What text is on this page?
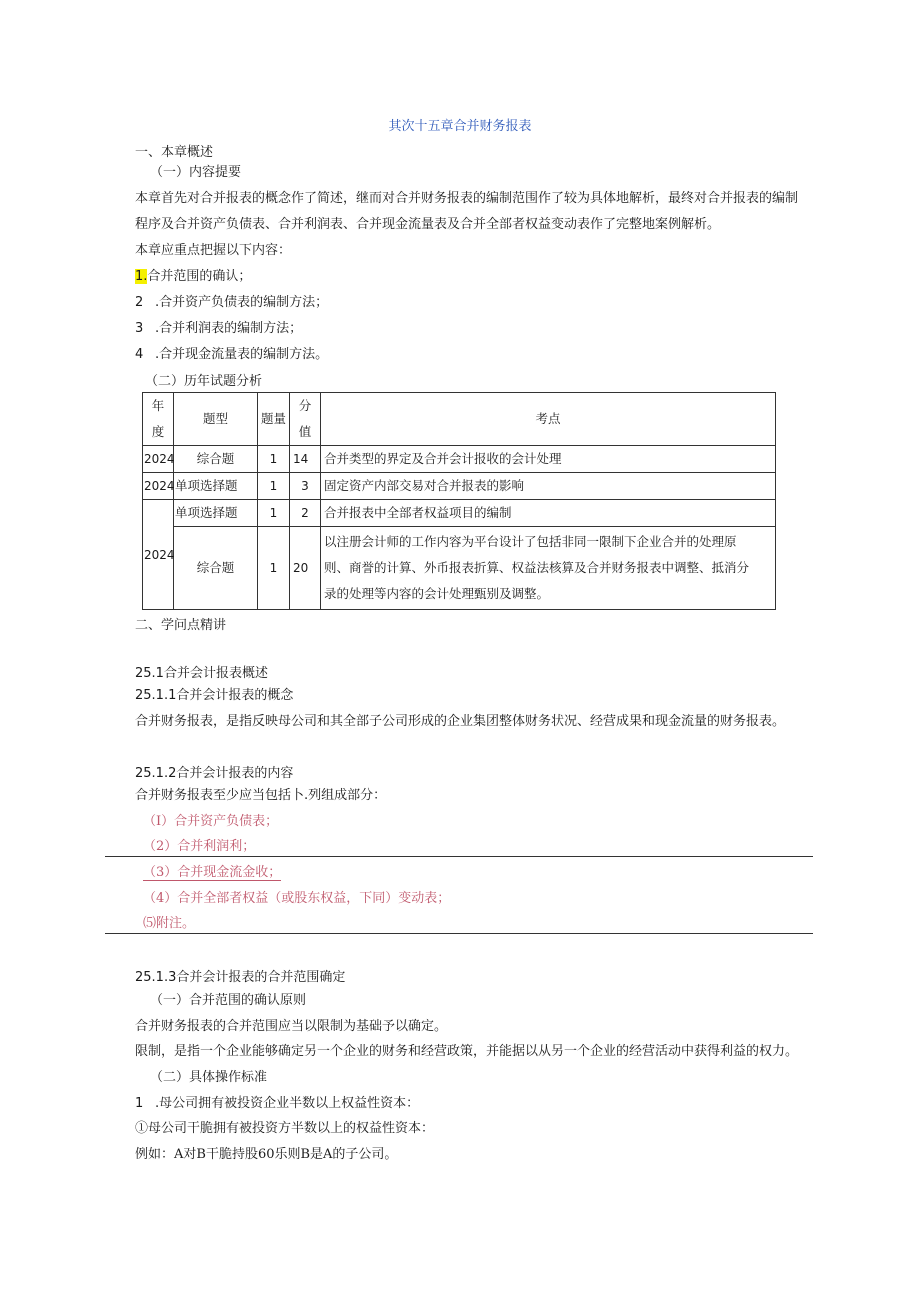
其次十五章合并财务报表
一、本章概述
（一）内容提要
本章首先对合并报表的概念作了简述，继而对合并财务报表的编制范围作了较为具体地解析，最终对合并报表的编制
程序及合并资产负债表、合并利润表、合并现金流量表及合并全部者权益变动表作了完整地案例解析。
本章应重点把握以下内容：
1.合并范围的确认；
2 .合并资产负债表的编制方法；
3 .合并利润表的编制方法；
4 .合并现金流量表的编制方法。
（二）历年试题分析
年度	题型	题量	分值	考点
2024	综合题	1	14	合并类型的界定及合并会计报收的会计处理
2024	单项选择题	1	3	固定资产内部交易对合并报表的影响
2024	单项选择题	1	2	合并报表中全部者权益项目的编制
	综合题	1	20	以注册会计师的工作内容为平台设计了包括非同一限制下企业合并的处理原
则、商誉的计算、外币报表折算、权益法核算及合并财务报表中调整、抵消分
录的处理等内容的会计处理甄别及调整。
二、学问点精讲
25.1合并会计报表概述
25.1.1合并会计报表的概念
合并财务报表，是指反映母公司和其全部子公司形成的企业集团整体财务状况、经营成果和现金流量的财务报表。
25.1.2合并会计报表的内容
合并财务报表至少应当包括卜.列组成部分：
（I）合并资产负债表；
（2）合并利润利；
（3）合并现金流金收；
（4）合并全部者权益（或股东权益，下同）变动表；
⑸附注。
25.1.3合并会计报表的合并范围确定
（一）合并范围的确认原则
合并财务报表的合并范围应当以限制为基础予以确定。
限制，是指一个企业能够确定另一个企业的财务和经营政策，并能据以从另一个企业的经营活动中获得利益的权力。
（二）具体操作标准
1 .母公司拥有被投资企业半数以上权益性资本：
①母公司干脆拥有被投资方半数以上的权益性资本：
例如：A对B干脆持股60乐则B是A的子公司。
